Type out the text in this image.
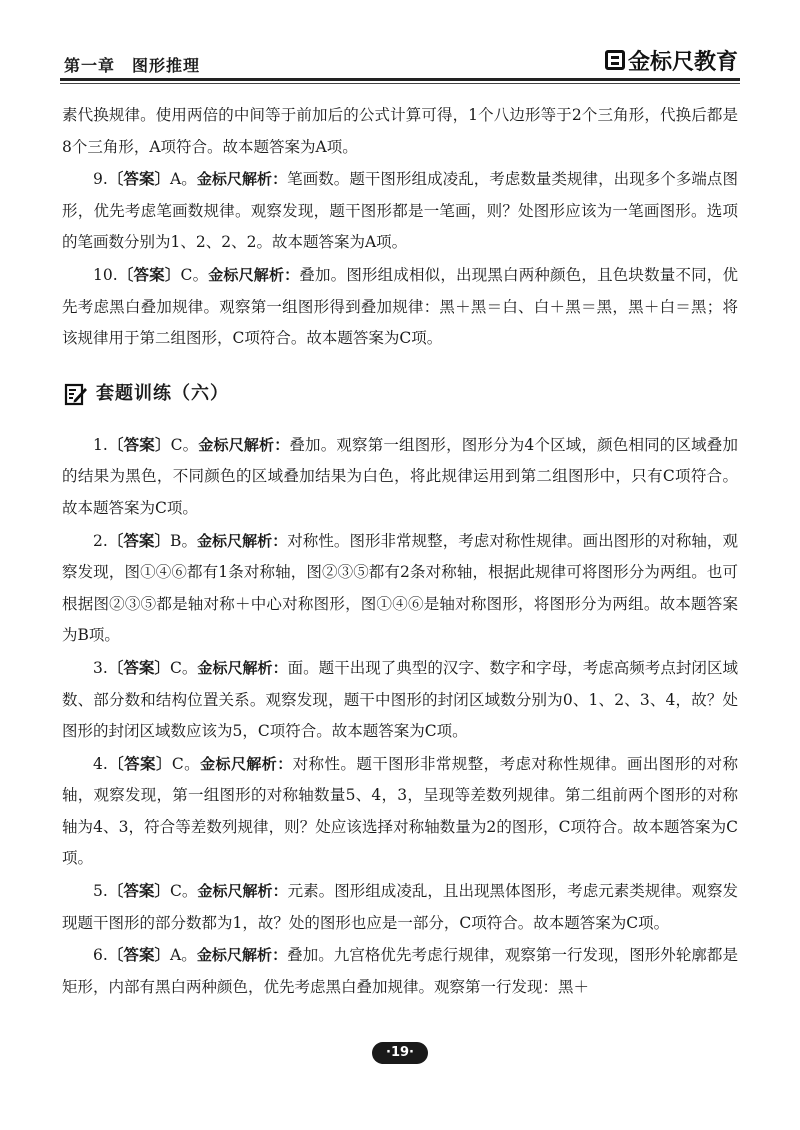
第一章　图形推理	金标尺教育

素代换规律。使用两倍的中间等于前加后的公式计算可得，1个八边形等于2个三角形，代换后都是8个三角形，A项符合。故本题答案为A项。

9.〔答案〕A。金标尺解析：笔画数。题干图形组成凌乱，考虑数量类规律，出现多个多端点图形，优先考虑笔画数规律。观察发现，题干图形都是一笔画，则？处图形应该为一笔画图形。选项的笔画数分别为1、2、2、2。故本题答案为A项。

10.〔答案〕C。金标尺解析：叠加。图形组成相似，出现黑白两种颜色，且色块数量不同，优先考虑黑白叠加规律。观察第一组图形得到叠加规律：黑＋黑＝白、白＋黑＝黑，黑＋白＝黑；将该规律用于第二组图形，C项符合。故本题答案为C项。

套题训练（六）

1.〔答案〕C。金标尺解析：叠加。观察第一组图形，图形分为4个区域，颜色相同的区域叠加的结果为黑色，不同颜色的区域叠加结果为白色，将此规律运用到第二组图形中，只有C项符合。故本题答案为C项。

2.〔答案〕B。金标尺解析：对称性。图形非常规整，考虑对称性规律。画出图形的对称轴，观察发现，图①④⑥都有1条对称轴，图②③⑤都有2条对称轴，根据此规律可将图形分为两组。也可根据图②③⑤都是轴对称＋中心对称图形，图①④⑥是轴对称图形，将图形分为两组。故本题答案为B项。

3.〔答案〕C。金标尺解析：面。题干出现了典型的汉字、数字和字母，考虑高频考点封闭区域数、部分数和结构位置关系。观察发现，题干中图形的封闭区域数分别为0、1、2、3、4，故？处图形的封闭区域数应该为5，C项符合。故本题答案为C项。

4.〔答案〕C。金标尺解析：对称性。题干图形非常规整，考虑对称性规律。画出图形的对称轴，观察发现，第一组图形的对称轴数量5、4，3，呈现等差数列规律。第二组前两个图形的对称轴为4、3，符合等差数列规律，则？处应该选择对称轴数量为2的图形，C项符合。故本题答案为C项。

5.〔答案〕C。金标尺解析：元素。图形组成凌乱，且出现黑体图形，考虑元素类规律。观察发现题干图形的部分数都为1，故？处的图形也应是一部分，C项符合。故本题答案为C项。

6.〔答案〕A。金标尺解析：叠加。九宫格优先考虑行规律，观察第一行发现，图形外轮廓都是矩形，内部有黑白两种颜色，优先考虑黑白叠加规律。观察第一行发现：黑＋

·19·
